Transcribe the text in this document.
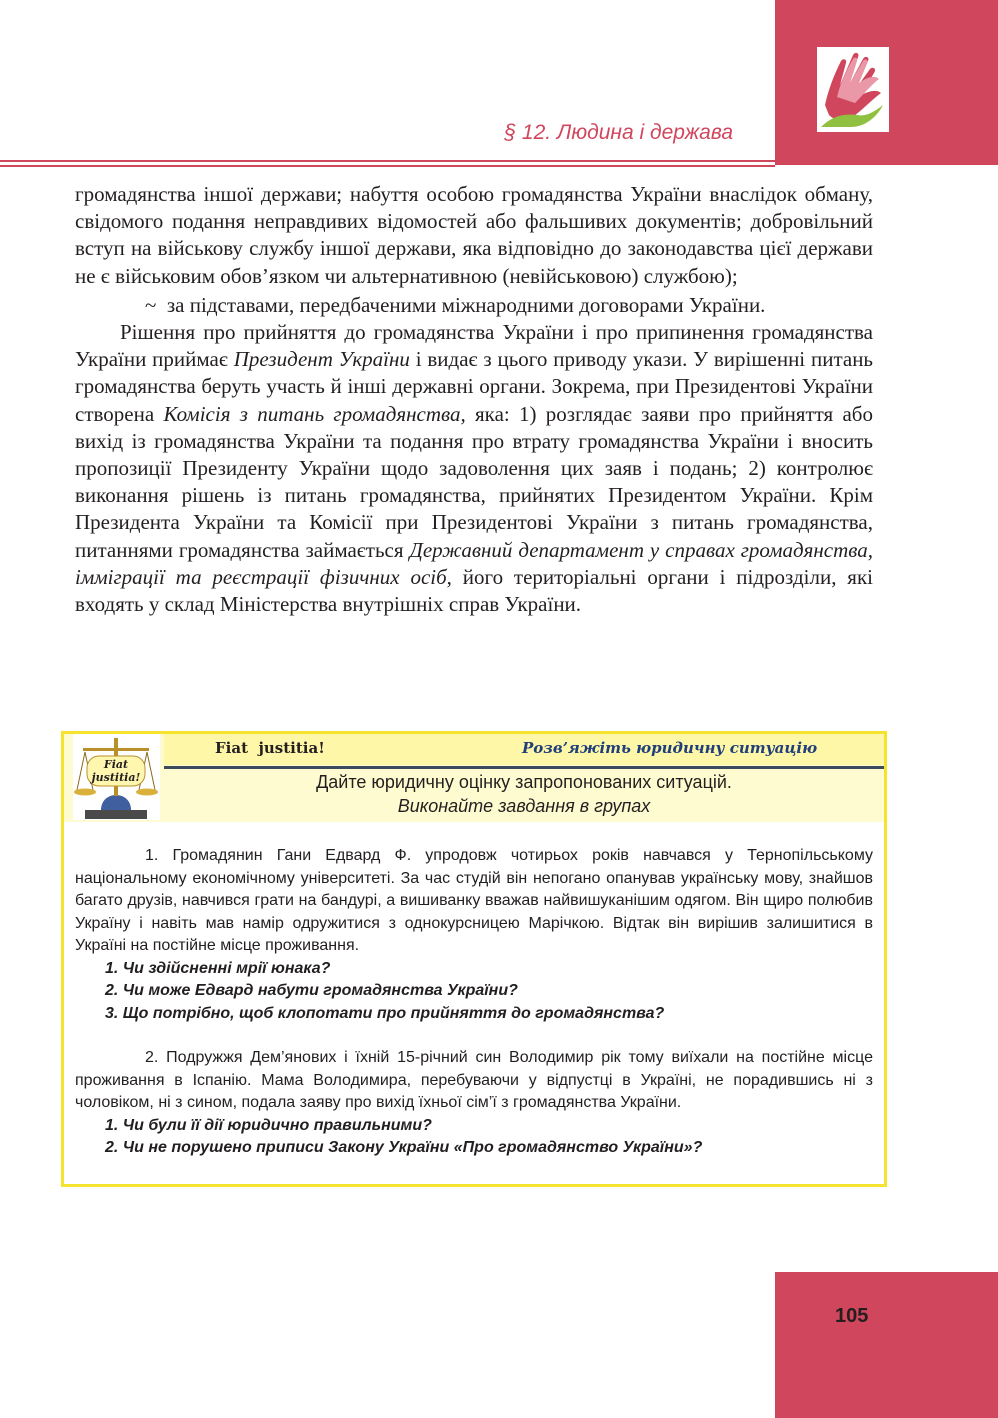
§ 12. Людина і держава

громадянства іншої держави; набуття особою громадянства України внаслідок обману, свідомого подання неправдивих відомостей або фальшивих документів; добровільний вступ на військову службу іншої держави, яка відповідно до законодавства цієї держави не є військовим обов’язком чи альтернативною (невійськовою) службою);

~ за підставами, передбаченими міжнародними договорами України.

Рішення про прийняття до громадянства України і про припинення громадянства України приймає Президент України і видає з цього приводу укази. У вирішенні питань громадянства беруть участь й інші державні органи. Зокрема, при Президентові України створена Комісія з питань громадянства, яка: 1) розглядає заяви про прийняття або вихід із громадянства України та подання про втрату громадянства України і вносить пропозиції Президенту України щодо задоволення цих заяв і подань; 2) контролює виконання рішень із питань громадянства, прийнятих Президентом України. Крім Президента України та Комісії при Президентові України з питань громадянства, питаннями громадянства займається Державний департамент у справах громадянства, імміграції та реєстрації фізичних осіб, його територіальні органи і підрозділи, які входять у склад Міністерства внутрішніх справ України.

Fiat
justitia!
Fiat  justitia!	Розв’яжіть юридичну ситуацію
Дайте юридичну оцінку запропонованих ситуацій.
Виконайте завдання в групах

1. Громадянин Гани Едвард Ф. упродовж чотирьох років навчався у Тернопільському національному економічному університеті. За час студій він непогано опанував українську мову, знайшов багато друзів, навчився грати на бандурі, а вишиванку вважав найвишуканішим одягом. Він щиро полюбив Україну і навіть мав намір одружитися з однокурсницею Марічкою. Відтак він вирішив залишитися в Україні на постійне місце проживання.

1. Чи здійсненні мрії юнака?

2. Чи може Едвард набути громадянства України?

3. Що потрібно, щоб клопотати про прийняття до громадянства?

2. Подружжя Дем’янових і їхній 15-річний син Володимир рік тому виїхали на постійне місце проживання в Іспанію. Мама Володимира, перебуваючи у відпустці в Україні, не порадившись ні з чоловіком, ні з сином, подала заяву про вихід їхньої сім’ї з громадянства України.

1. Чи були її дії юридично правильними?

2. Чи не порушено приписи Закону України «Про громадянство України»?

105
